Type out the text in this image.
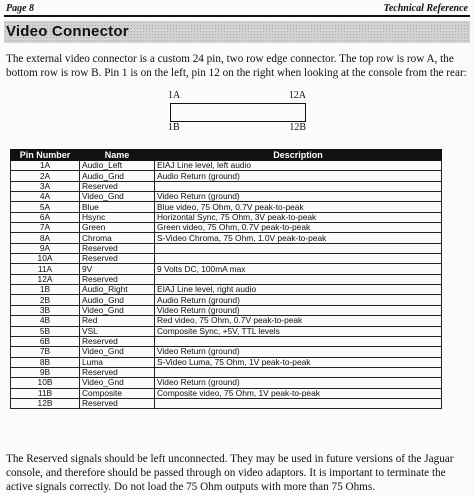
Page 8	Technical Reference
Video Connector
The external video connector is a custom 24 pin, two row edge connector. The top row is row A, the bottom row is row B. Pin 1 is on the left, pin 12 on the right when looking at the console from the rear:
1A	12A
1B	12B
Pin Number	Name	Description
1A	Audio_Left	EIAJ Line level, left audio
2A	Audio_Gnd	Audio Return (ground)
3A	Reserved	
4A	Video_Gnd	Video Return (ground)
5A	Blue	Blue video, 75 Ohm, 0.7V peak-to-peak
6A	Hsync	Horizontal Sync, 75 Ohm, 3V peak-to-peak
7A	Green	Green video, 75 Ohm, 0.7V peak-to-peak
8A	Chroma	S-Video Chroma, 75 Ohm, 1.0V peak-to-peak
9A	Reserved	
10A	Reserved	
11A	9V	9 Volts DC, 100mA max
12A	Reserved	
1B	Audio_Right	EIAJ Line level, right audio
2B	Audio_Gnd	Audio Return (ground)
3B	Video_Gnd	Video Return (ground)
4B	Red	Red video, 75 Ohm, 0.7V peak-to-peak
5B	VSL	Composite Sync, +5V, TTL levels
6B	Reserved	
7B	Video_Gnd	Video Return (ground)
8B	Luma	S-Video Luma, 75 Ohm, 1V peak-to-peak
9B	Reserved	
10B	Video_Gnd	Video Return (ground)
11B	Composite	Composite video, 75 Ohm, 1V peak-to-peak
12B	Reserved	
The Reserved signals should be left unconnected. They may be used in future versions of the Jaguar console, and therefore should be passed through on video adaptors. It is important to terminate the active signals correctly. Do not load the 75 Ohm outputs with more than 75 Ohms.
